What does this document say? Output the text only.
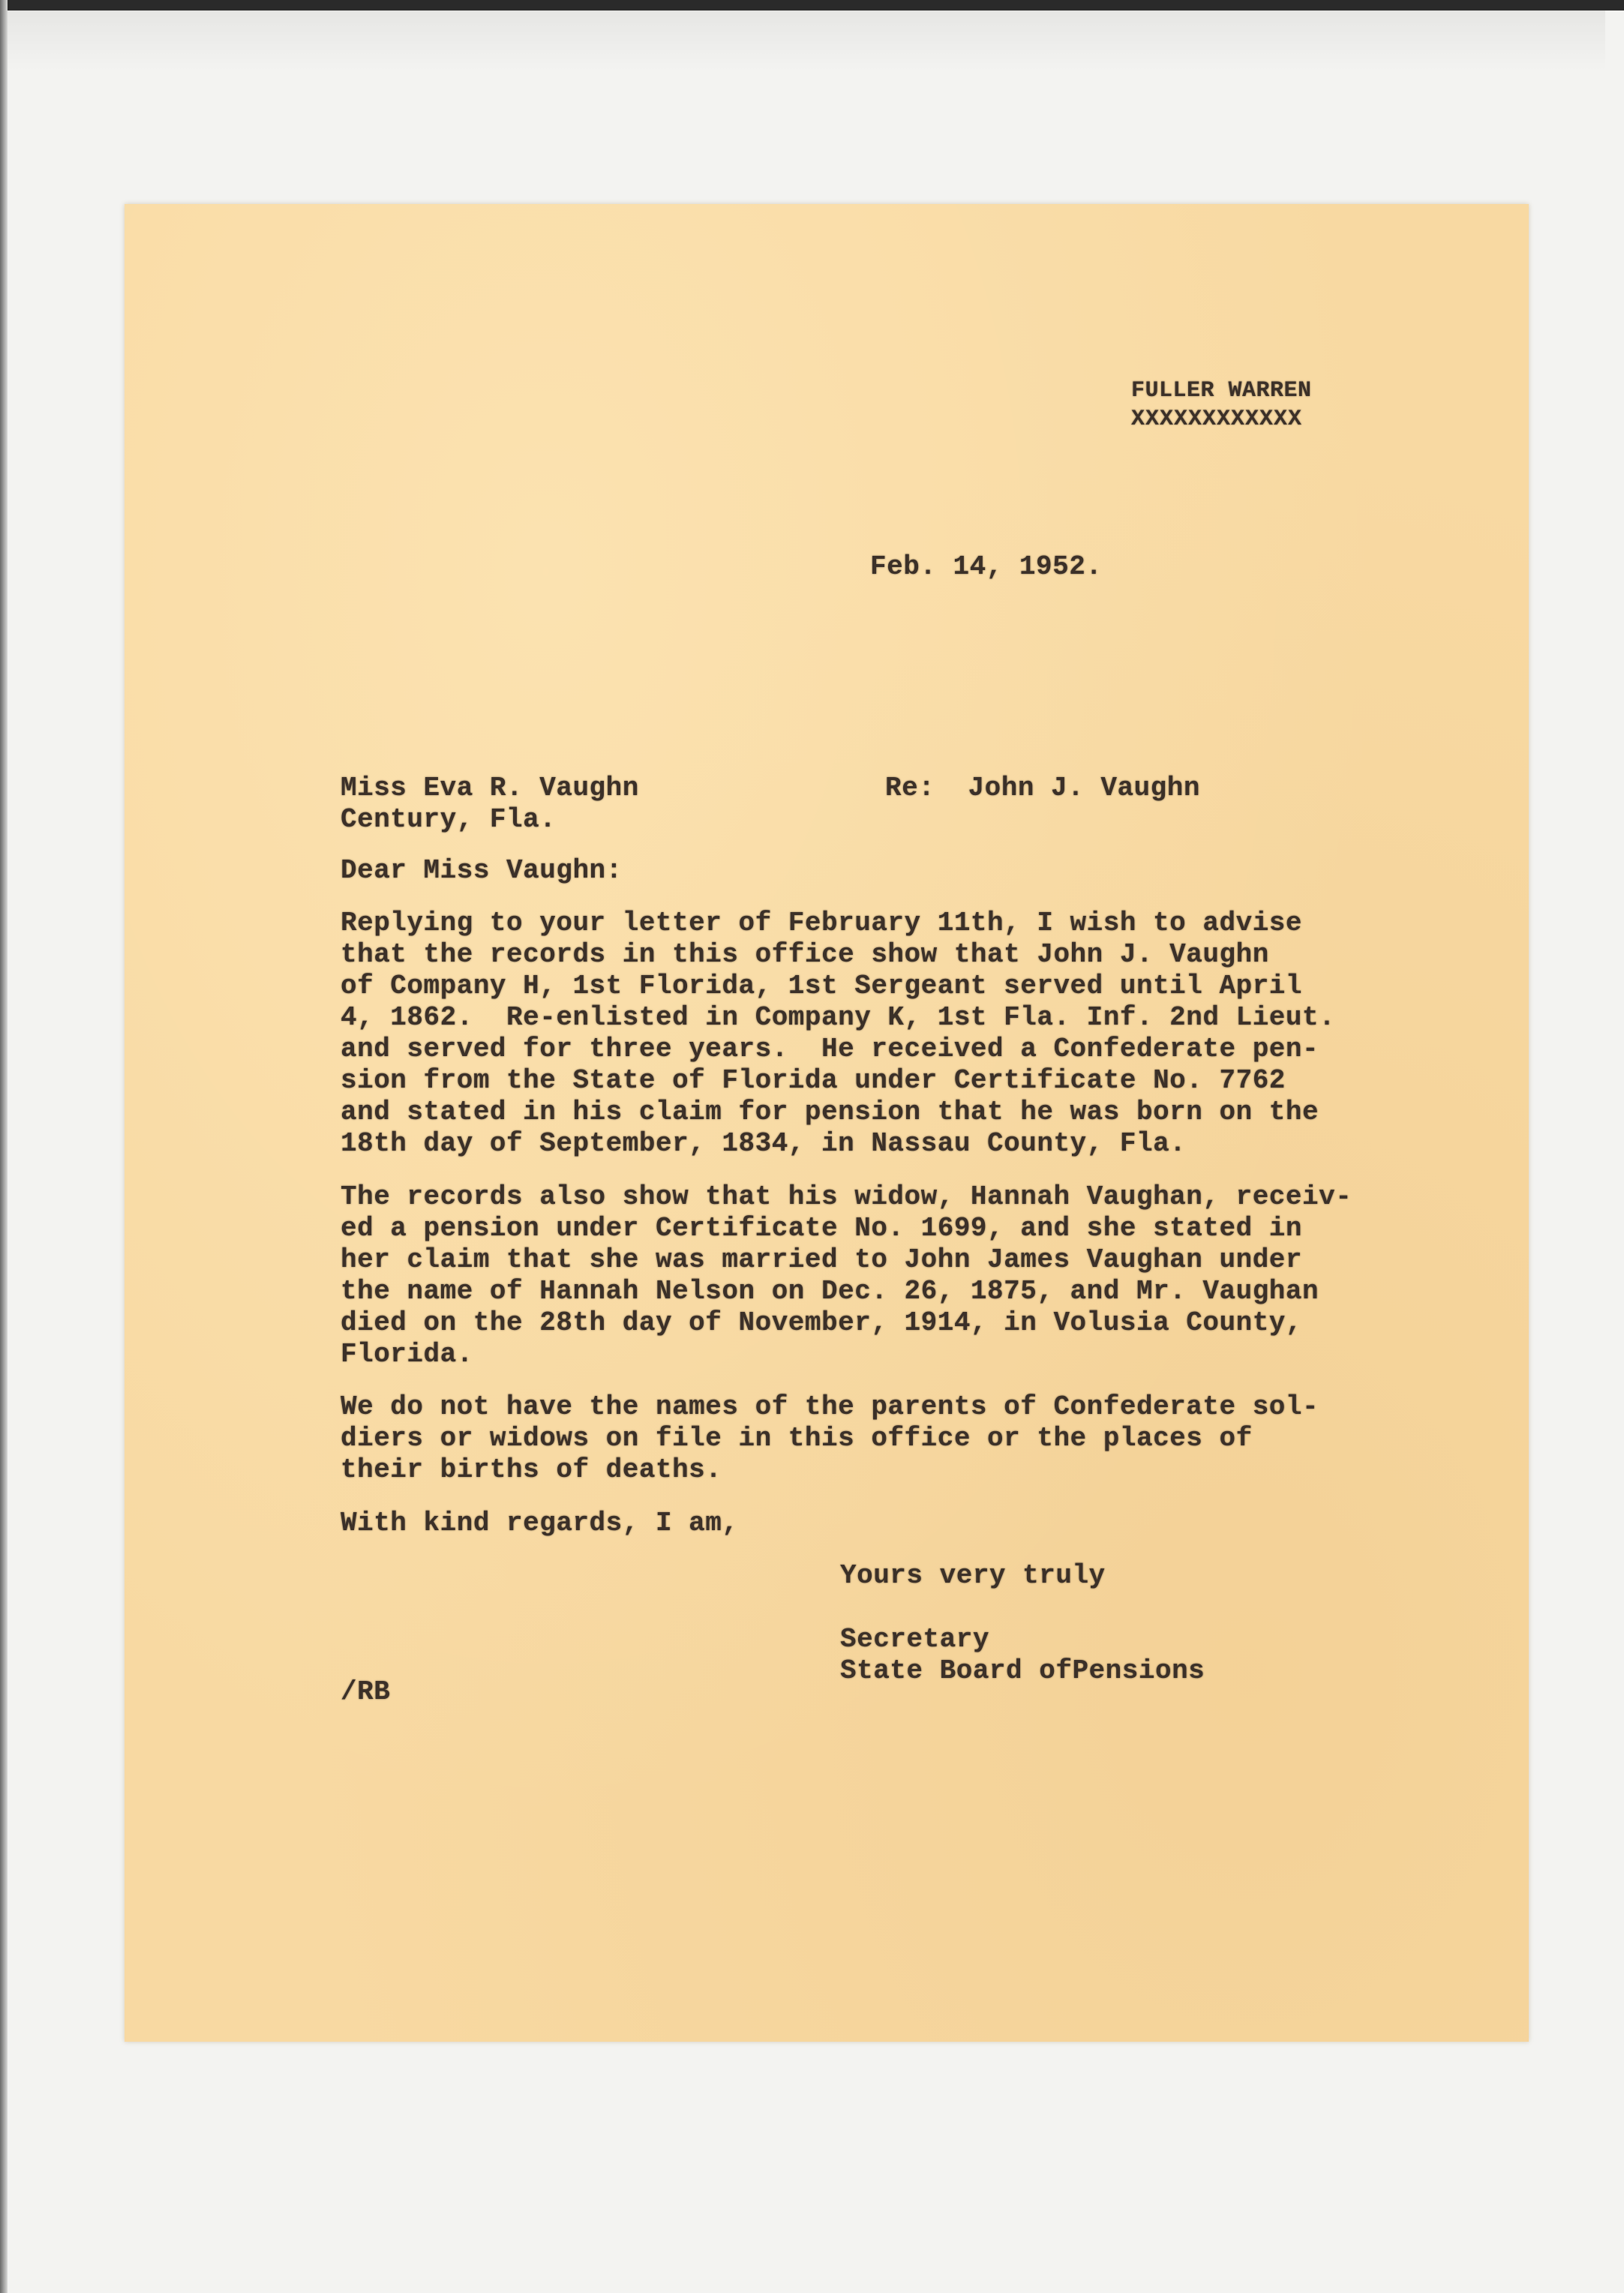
FULLER WARREN
XXXXXXXXXXXX
Feb. 14, 1952.
Miss Eva R. Vaughn
Century, Fla.
Re:  John J. Vaughn
Dear Miss Vaughn:
Replying to your letter of February 11th, I wish to advise
that the records in this office show that John J. Vaughn
of Company H, 1st Florida, 1st Sergeant served until April
4, 1862.  Re-enlisted in Company K, 1st Fla. Inf. 2nd Lieut.
and served for three years.  He received a Confederate pen-
sion from the State of Florida under Certificate No. 7762
and stated in his claim for pension that he was born on the
18th day of September, 1834, in Nassau County, Fla.
The records also show that his widow, Hannah Vaughan, receiv-
ed a pension under Certificate No. 1699, and she stated in
her claim that she was married to John James Vaughan under
the name of Hannah Nelson on Dec. 26, 1875, and Mr. Vaughan
died on the 28th day of November, 1914, in Volusia County,
Florida.
We do not have the names of the parents of Confederate sol-
diers or widows on file in this office or the places of
their births of deaths.
With kind regards, I am,
Yours very truly
Secretary
State Board ofPensions
/RB
